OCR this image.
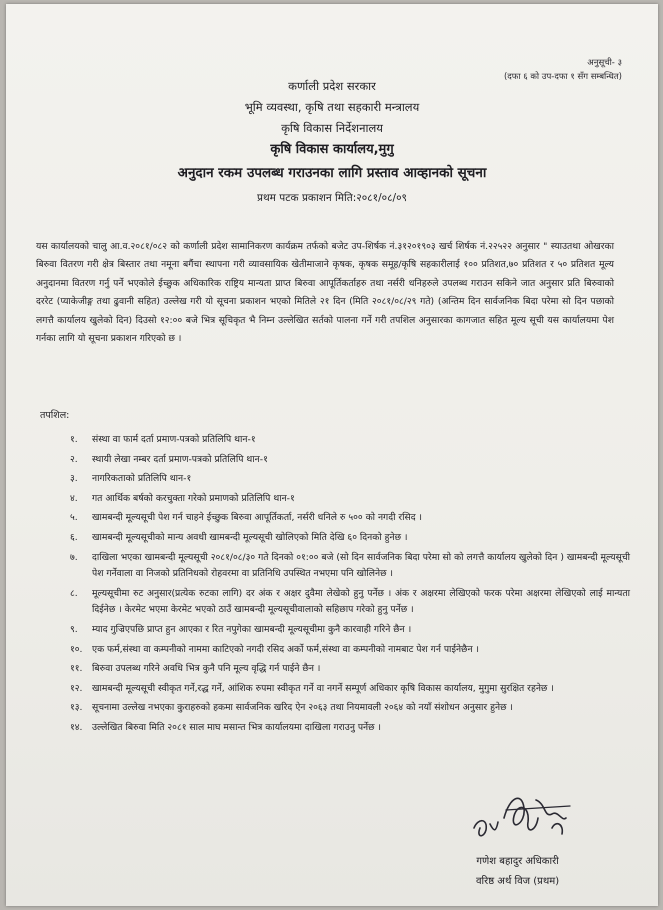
अनुसूची- ३
(दफा ६ को उप-दफा १ सँग सम्बन्धित)
कर्णाली प्रदेश सरकार
भूमि व्यवस्था, कृषि तथा सहकारी मन्त्रालय
कृषि विकास निर्देशनालय
कृषि विकास कार्यालय,मुगु
अनुदान रकम उपलब्ध गराउनका लागि प्रस्ताव आव्हानको सूचना
प्रथम पटक प्रकाशन मिति:२०८१/०८/०९
यस कार्यालयको चालु आ.व.२०८१/०८२ को कर्णाली प्रदेश सामानिकरण कार्यक्रम तर्फको बजेट उप-शिर्षक नं.३१२०१९०३ खर्च शिर्षक नं.२२५२२ अनुसार " स्याउतथा ओखरका बिरुवा वितरण गरी क्षेत्र बिस्तार तथा नमूना बगैंचा स्थापना गरी व्यावसायिक खेतीमाजाने कृषक, कृषक समूह/कृषि सहकारीलाई १०० प्रतिशत,७० प्रतिशत र ५० प्रतिशत मूल्य अनुदानमा वितरण गर्नु पर्ने भएकोले ईच्छुक अधिकारिक राष्ट्रिय मान्यता प्राप्त बिरुवा आपूर्तिकर्ताहरु तथा नर्सरी धनिहरुले उपलब्ध गराउन सकिने जात अनुसार प्रति बिरुवाको दररेट (प्याकेजीङ्ग तथा ढुवानी सहित) उल्लेख गरी यो सूचना प्रकाशन भएको मितिले २१ दिन (मिति २०८१/०८/२९ गते) (अन्तिम दिन सार्वजनिक बिदा परेमा सो दिन पछाको लगत्तै कार्यालय खुलेको दिन) दिउसो १२:०० बजे भित्र सूचिकृत भै निम्न उल्लेखित सर्तको पालना गर्ने गरी तपशिल अनुसारका कागजात सहित मूल्य सूची यस कार्यालयमा पेश गर्नका लागि यो सूचना प्रकाशन गरिएको छ ।
तपशिल:
१.	संस्था वा फार्म दर्ता प्रमाण-पत्रको प्रतिलिपि थान-१
२.	स्थायी लेखा नम्बर दर्ता प्रमाण-पत्रको प्रतिलिपि थान-१
३.	नागरिकताको प्रतिलिपि थान-१
४.	गत आर्थिक बर्षको करचुक्ता गरेको प्रमाणको प्रतिलिपि थान-१
५.	खामबन्दी मूल्यसूची पेश गर्न चाहने ईच्छुक बिरुवा आपूर्तिकर्ता, नर्सरी धनिले रु ५०० को नगदी रसिद ।
६.	खामबन्दी मूल्यसूचीको मान्य अवधी खामबन्दी मूल्यसूची खोलिएको मिति देखि ६० दिनको हुनेछ ।
७.	दाखिला भएका खामबन्दी मूल्यसूची २०८१/०८/३० गते दिनको ०१:०० बजे (सो दिन सार्वजनिक बिदा परेमा सो को लगत्तै कार्यालय खुलेको दिन ) खामबन्दी मूल्यसूची पेश गर्नेवाला वा निजको प्रतिनिधको रोहवरमा वा प्रतिनिधि उपस्थित नभएमा पनि खोलिनेछ ।
८.	मूल्यसूचीमा रुट अनुसार(प्रत्येक रुटका लागि) दर अंक र अक्षर दुवैमा लेखेको हुनु पर्नेछ । अंक र अक्षरमा लेखिएको फरक परेमा अक्षरमा लेखिएको लाई मान्यता दिईनेछ । केरमेट भएमा केरमेट भएको ठाउँ खामबन्दी मूल्यसूचीवालाको सहिछाप गरेको हुनु पर्नेछ ।
९.	म्याद गुज्रिएपछि प्राप्त हुन आएका र रित नपुगेका खामबन्दी मूल्यसूचीमा कुनै कारवाही गरिने छैन ।
१०.	एक फर्म,संस्था वा कम्पनीको नाममा काटिएको नगदी रसिद अर्को फर्म,संस्था वा कम्पनीको नामबाट पेश गर्न पाईनेछैन ।
११.	बिरुवा उपलब्ध गरिने अवधि भित्र कुनै पनि मूल्य वृद्धि गर्न पाईने छैन ।
१२.	खामबन्दी मूल्यसूची स्वीकृत गर्ने,रद्ध गर्ने, आंशिक रुपमा स्वीकृत गर्ने वा नगर्ने सम्पूर्ण अधिकार कृषि विकास कार्यालय, मुगुमा सुरक्षित रहनेछ ।
१३.	सूचनामा उल्लेख नभएका कुराहरुको हकमा सार्वजनिक खरिद ऐन २०६३ तथा नियमावली २०६४ को नयाँ संशोधन अनुसार हुनेछ ।
१४.	उल्लेखित बिरुवा मिति २०८१ साल माघ मसान्त भित्र कार्यालयमा दाखिला गराउनु पर्नेछ ।
गणेश बहादुर अधिकारी
वरिष्ठ अर्थ विज (प्रथम)
